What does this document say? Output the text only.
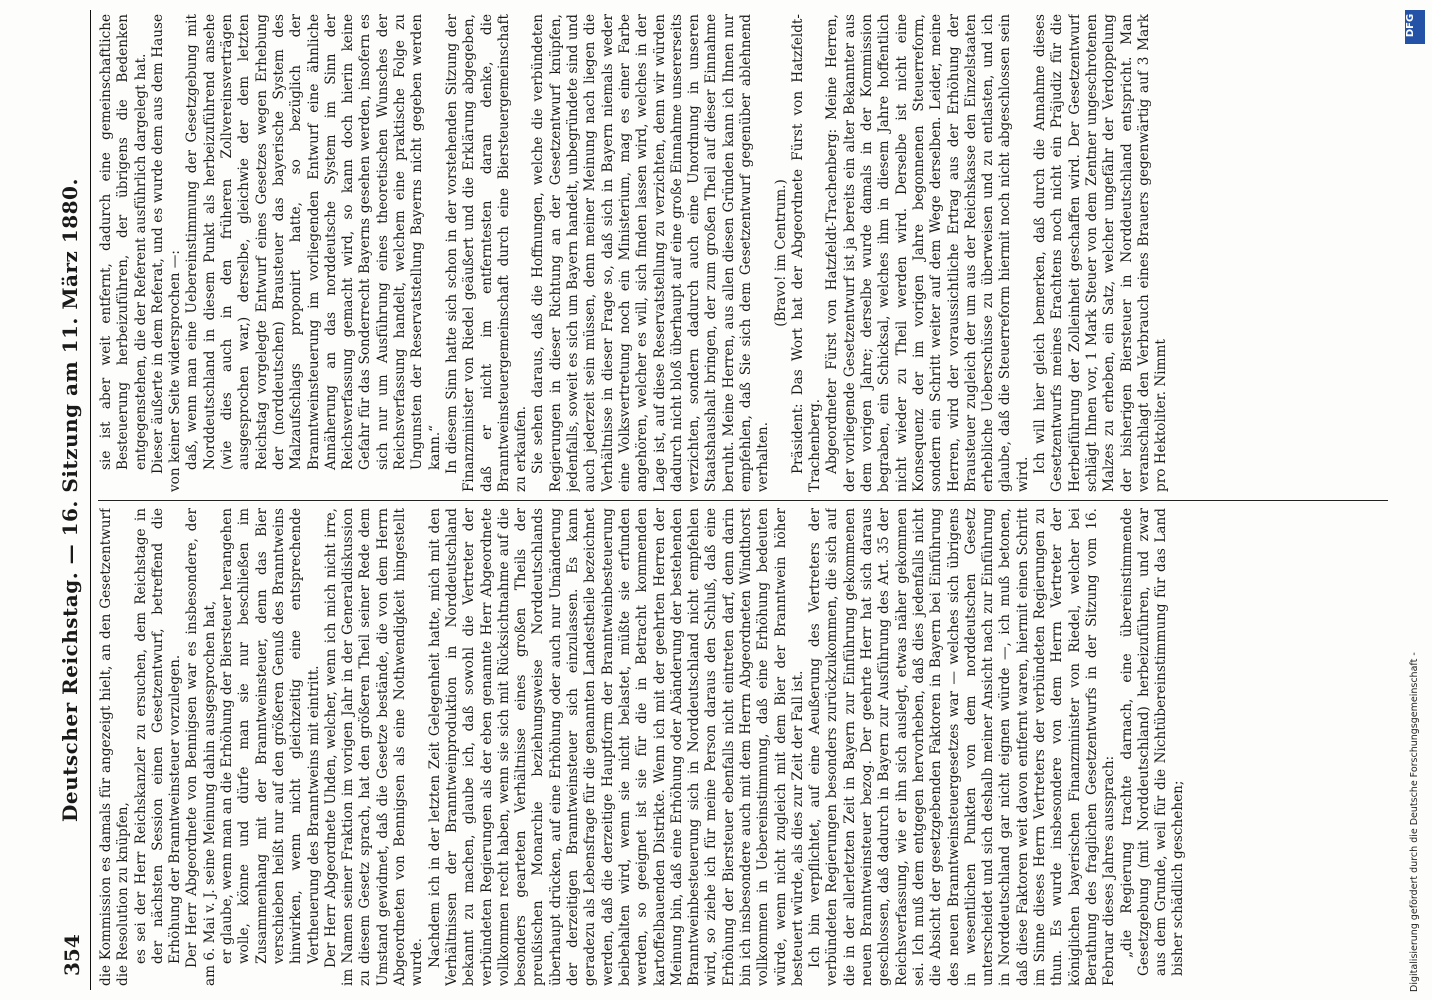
354
Deutscher Reichstag. — 16. Sitzung am 11. März 1880. die Kommission es damals für angezeigt hielt, an den Gesetzentwurf die Resolution zu knüpfen, es sei der Herr Reichskanzler zu ersuchen, dem Reichstage in der nächsten Session einen Gesetzentwurf, betreffend die Erhöhung der Branntweinsteuer vorzulegen. Der Herr Abgeordnete von Bennigsen war es insbesondere, der am 6. Mai v. J. seine Meinung dahin ausgesprochen hat, er glaube, wenn man an die Erhöhung der Biersteuer herangehen wolle, könne und dürfe man sie nur beschließen im Zusammenhang mit der Branntweinsteuer, denn das Bier verschieben heißt nur auf den größeren Genuß des Branntweins hinwirken, wenn nicht gleichzeitig eine entsprechende Vertheuerung des Branntweins mit eintritt. Der Herr Abgeordnete Uhden, welcher, wenn ich mich nicht irre, im Namen seiner Fraktion im vorigen Jahr in der Generaldiskussion zu diesem Gesetz sprach, hat den größeren Theil seiner Rede dem Umstand gewidmet, daß die Gesetze bestände, die von dem Herrn Abgeordneten von Bennigsen als eine Nothwendigkeit hingestellt wurde. Nachdem ich in der letzten Zeit Gelegenheit hatte, mich mit den Verhältnissen der Branntweinproduktion in Norddeutschland bekannt zu machen, glaube ich, daß sowohl die Vertreter der verbündeten Regierungen als der eben genannte Herr Abgeordnete vollkommen recht haben, wenn sie sich mit Rücksichtnahme auf die besonders gearteten Verhältnisse eines großen Theils der preußischen Monarchie beziehungsweise Norddeutschlands überhaupt drücken, auf eine Erhöhung oder auch nur Umänderung der derzeitigen Branntweinsteuer sich einzulassen. Es kann geradezu als Lebensfrage für die genannten Landestheile bezeichnet werden, daß die derzeitige Hauptform der Branntweinbesteuerung beibehalten wird, wenn sie nicht belastet, müßte sie erfunden werden, so geeignet ist sie für die in Betracht kommenden kartoffelbauenden Distrikte. Wenn ich mit der geehrten Herren der Meinung bin, daß eine Erhöhung oder Abänderung der bestehenden Branntweinbesteuerung sich in Norddeutschland nicht empfehlen wird, so ziehe ich für meine Person daraus den Schluß, daß eine Erhöhung der Biersteuer ebenfalls nicht eintreten darf, denn darin bin ich insbesondere auch mit dem Herrn Abgeordneten Windthorst vollkommen in Uebereinstimmung, daß eine Erhöhung bedeuten würde, wenn nicht zugleich mit dem Bier der Branntwein höher besteuert würde, als dies zur Zeit der Fall ist. Ich bin verpflichtet, auf eine Aeußerung des Vertreters der verbündeten Regierungen besonders zurückzukommen, die sich auf die in der allerletzten Zeit in Bayern zur Einführung gekommenen neuen Branntweinsteuer bezog. Der geehrte Herr hat sich daraus geschlossen, daß dadurch in Bayern zur Ausführung des Art. 35 der Reichsverfassung, wie er ihn sich auslegt, etwas näher gekommen sei. Ich muß dem entgegen hervorheben, daß dies jedenfalls nicht die Absicht der gesetzgebenden Faktoren in Bayern bei Einführung des neuen Branntweinsteuergesetzes war — welches sich übrigens in wesentlichen Punkten von dem norddeutschen Gesetz unterscheidet und sich deshalb meiner Ansicht nach zur Einführung in Norddeutschland gar nicht eignen würde —, ich muß betonen, daß diese Faktoren weit davon entfernt waren, hiermit einen Schritt im Sinne dieses Herrn Vertreters der verbündeten Regierungen zu thun. Es wurde insbesondere von dem Herrn Vertreter der königlichen bayerischen Finanzminister von Riedel, welcher bei Berathung des fraglichen Gesetzentwurfs in der Sitzung vom 16. Februar dieses Jahres aussprach: „die Regierung trachte darnach, eine übereinstimmende Gesetzgebung (mit Norddeutschland) herbeizuführen, und zwar aus dem Grunde, weil für die Nichtübereinstimmung für das Land bisher schädlich geschehen;

sie ist aber weit entfernt, dadurch eine gemeinschaftliche Besteuerung herbeizuführen, der übrigens die Bedenken entgegenstehen, die der Referent ausführlich dargelegt hat. Dieser äußerte in dem Referat, und es wurde dem aus dem Hause von keiner Seite widersprochen —: daß, wenn man eine Uebereinstimmung der Gesetzgebung mit Norddeutschland in diesem Punkt als herbeizuführend ansehe (wie dies auch in den früheren Zollvereinsverträgen ausgesprochen war,) derselbe, gleichwie der dem letzten Reichstag vorgelegte Entwurf eines Gesetzes wegen Erhebung der (norddeutschen) Brausteuer das bayerische System des Malzaufschlags proponirt hatte, so bezüglich der Branntweinsteuerung im vorliegenden Entwurf eine ähnliche Annäherung an das norddeutsche System im Sinn der Reichsverfassung gemacht wird, so kann doch hierin keine Gefahr für das Sonderrecht Bayerns gesehen werden, insofern es sich nur um Ausführung eines theoretischen Wunsches der Reichsverfassung handelt, welchem eine praktische Folge zu Ungunsten der Reservatstellung Bayerns nicht gegeben werden kann.“ In diesem Sinn hatte sich schon in der vorstehenden Sitzung der Finanzminister von Riedel geäußert und die Erklärung abgegeben, daß er nicht im entferntesten daran denke, die Branntweinsteuergemeinschaft durch eine Biersteuergemeinschaft zu erkaufen. Sie sehen daraus, daß die Hoffnungen, welche die verbündeten Regierungen in dieser Richtung an der Gesetzentwurf knüpfen, jedenfalls, soweit es sich um Bayern handelt, unbegründete sind und auch jederzeit sein müssen, denn meiner Meinung nach liegen die Verhältnisse in dieser Frage so, daß sich in Bayern niemals weder eine Volksvertretung noch ein Ministerium, mag es einer Farbe angehören, welcher es will, sich finden lassen wird, welches in der Lage ist, auf diese Reservatstellung zu verzichten, denn wir würden dadurch nicht bloß überhaupt auf eine große Einnahme unsererseits verzichten, sondern dadurch auch eine Unordnung in unseren Staatshaushalt bringen, der zum großen Theil auf dieser Einnahme beruht. Meine Herren, aus allen diesen Gründen kann ich Ihnen nur empfehlen, daß Sie sich dem Gesetzentwurf gegenüber ablehnend verhalten.

(Bravo! im Centrum.) Präsident: Das Wort hat der Abgeordnete Fürst von Hatzfeldt-Trachenberg. Abgeordneter Fürst von Hatzfeldt-Trachenberg: Meine Herren, der vorliegende Gesetzentwurf ist ja bereits ein alter Bekannter aus dem vorigen Jahre; derselbe wurde damals in der Kommission begraben, ein Schicksal, welches ihm in diesem Jahre hoffentlich nicht wieder zu Theil werden wird. Derselbe ist nicht eine Konsequenz der im vorigen Jahre begonnenen Steuerreform, sondern ein Schritt weiter auf dem Wege derselben. Leider, meine Herren, wird der voraussichtliche Ertrag aus der Erhöhung der Brausteuer zugleich der um aus der Reichskasse den Einzelstaaten erhebliche Ueberschüsse zu überweisen und zu entlasten, und ich glaube, daß die Steuerreform hiermit noch nicht abgeschlossen sein wird.

Ich will hier gleich bemerken, daß durch die Annahme dieses Gesetzentwurfs meines Erachtens noch nicht ein Präjudiz für die Herbeiführung der Zolleinheit geschaffen wird. Der Gesetzentwurf schlägt Ihnen vor, 1 Mark Steuer von dem Zentner ungeschrotenen Malzes zu erheben, ein Satz, welcher ungefähr der Verdoppelung der bisherigen Biersteuer in Norddeutschland entspricht. Man veranschlagt den Verbrauch eines Brauers gegenwärtig auf 3 Mark pro Hektoliter. Nimmt

Digitalisierung gefördert durch die Deutsche Forschungsgemeinschaft -
DFG
